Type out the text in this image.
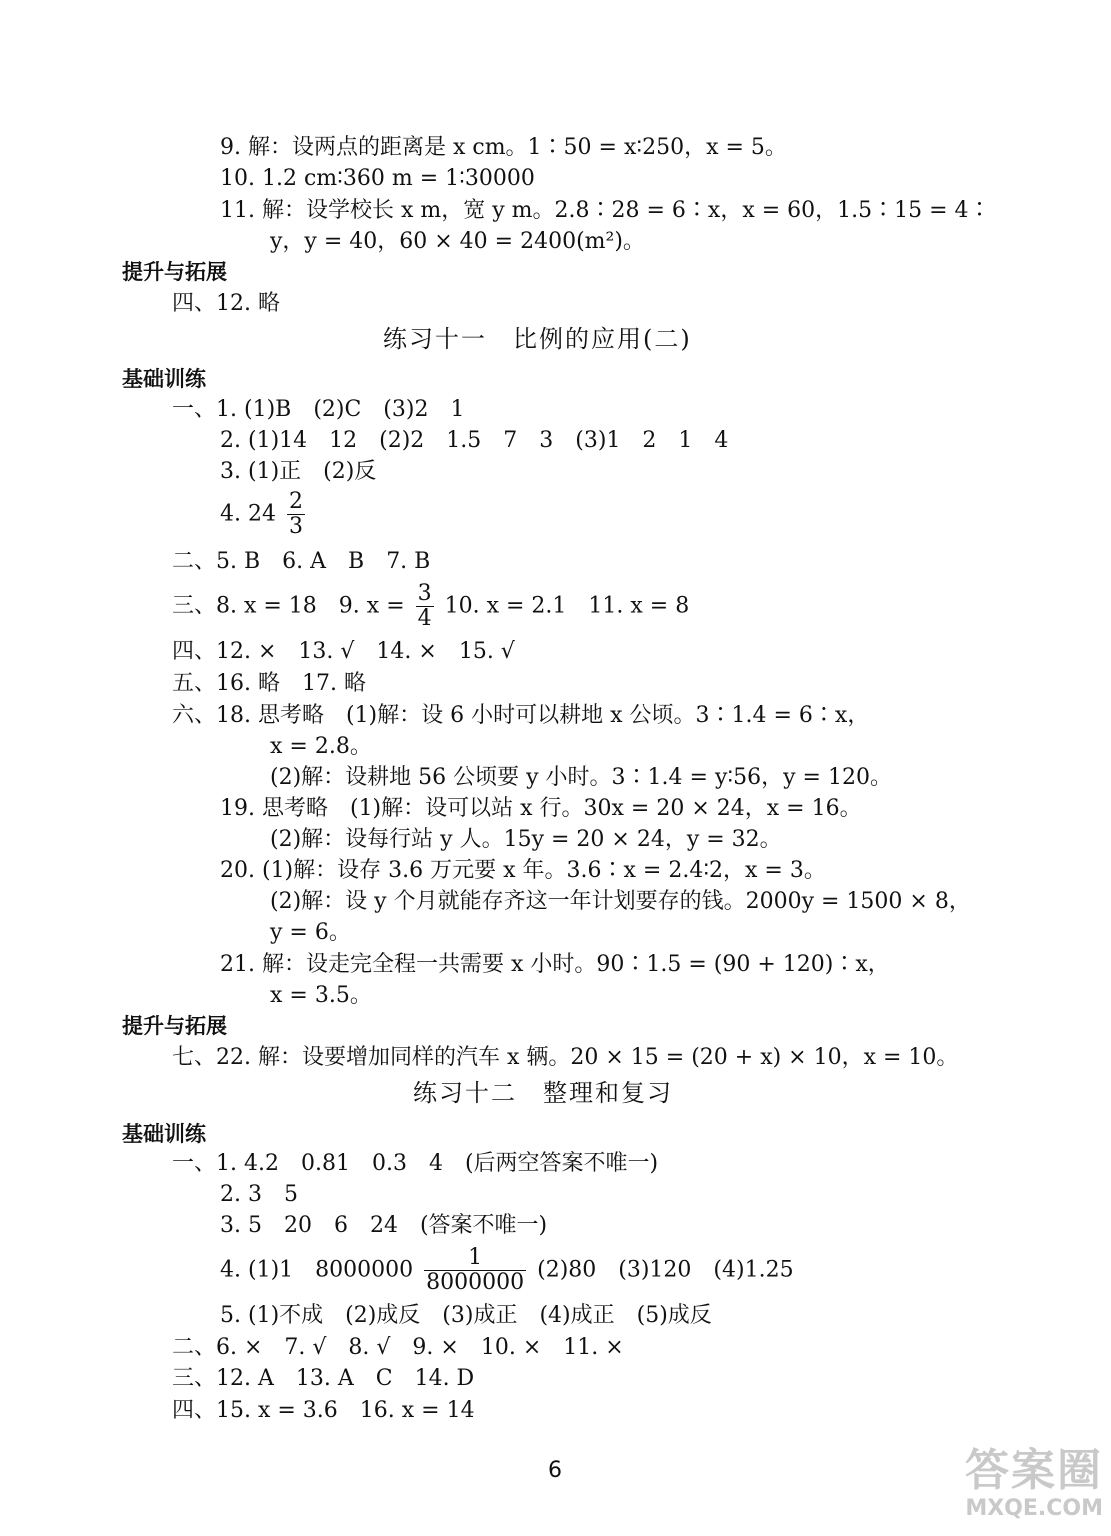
9. 解：设两点的距离是 x cm。1∶50 = x∶250，x = 5。
10. 1.2 cm∶360 m = 1∶30000
11. 解：设学校长 x m，宽 y m。2.8∶28 = 6∶x，x = 60，1.5∶15 = 4∶
y，y = 40，60 × 40 = 2400(m²)。
提升与拓展
四、12. 略
练习十一　比例的应用(二)
基础训练
一、1. (1)B　(2)C　(3)2　1
2. (1)14　12　(2)2　1.5　7　3　(3)1　2　1　4
3. (1)正　(2)反
4. $24 \frac{2}{3}$
二、5. B　6. A　B　7. B
三、8. x = 18　9. $x = \frac{3}{4} 10$. x = 2.1　11. x = 8
四、12. ×　13. √　14. ×　15. √
五、16. 略　17. 略
六、18. 思考略　(1)解：设 6 小时可以耕地 x 公顷。3∶1.4 = 6∶x，
x = 2.8。
(2)解：设耕地 56 公顷要 y 小时。3∶1.4 = y∶56，y = 120。
19. 思考略　(1)解：设可以站 x 行。30x = 20 × 24，x = 16。
(2)解：设每行站 y 人。15y = 20 × 24，y = 32。
20. (1)解：设存 3.6 万元要 x 年。3.6∶x = 2.4∶2，x = 3。
(2)解：设 y 个月就能存齐这一年计划要存的钱。2000y = 1500 × 8，
y = 6。
21. 解：设走完全程一共需要 x 小时。90∶1.5 = (90 + 120)∶x，
x = 3.5。
提升与拓展
七、22. 解：设要增加同样的汽车 x 辆。20 × 15 = (20 + x) × 10，x = 10。
练习十二　整理和复习
基础训练
一、1. 4.2　0.81　0.3　4　(后两空答案不唯一)
2. 3　5
3. 5　20　6　24　(答案不唯一)
4. (1)1　$8000000 \frac{1}{8000000} (2)80$　(3)120　(4)1.25
5. (1)不成　(2)成反　(3)成正　(4)成正　(5)成反
二、6. ×　7. √　8. √　9. ×　10. ×　11. ×
三、12. A　13. A　C　14. D
四、15. x = 3.6　16. x = 14
6	答案圈
MXQE.COM
